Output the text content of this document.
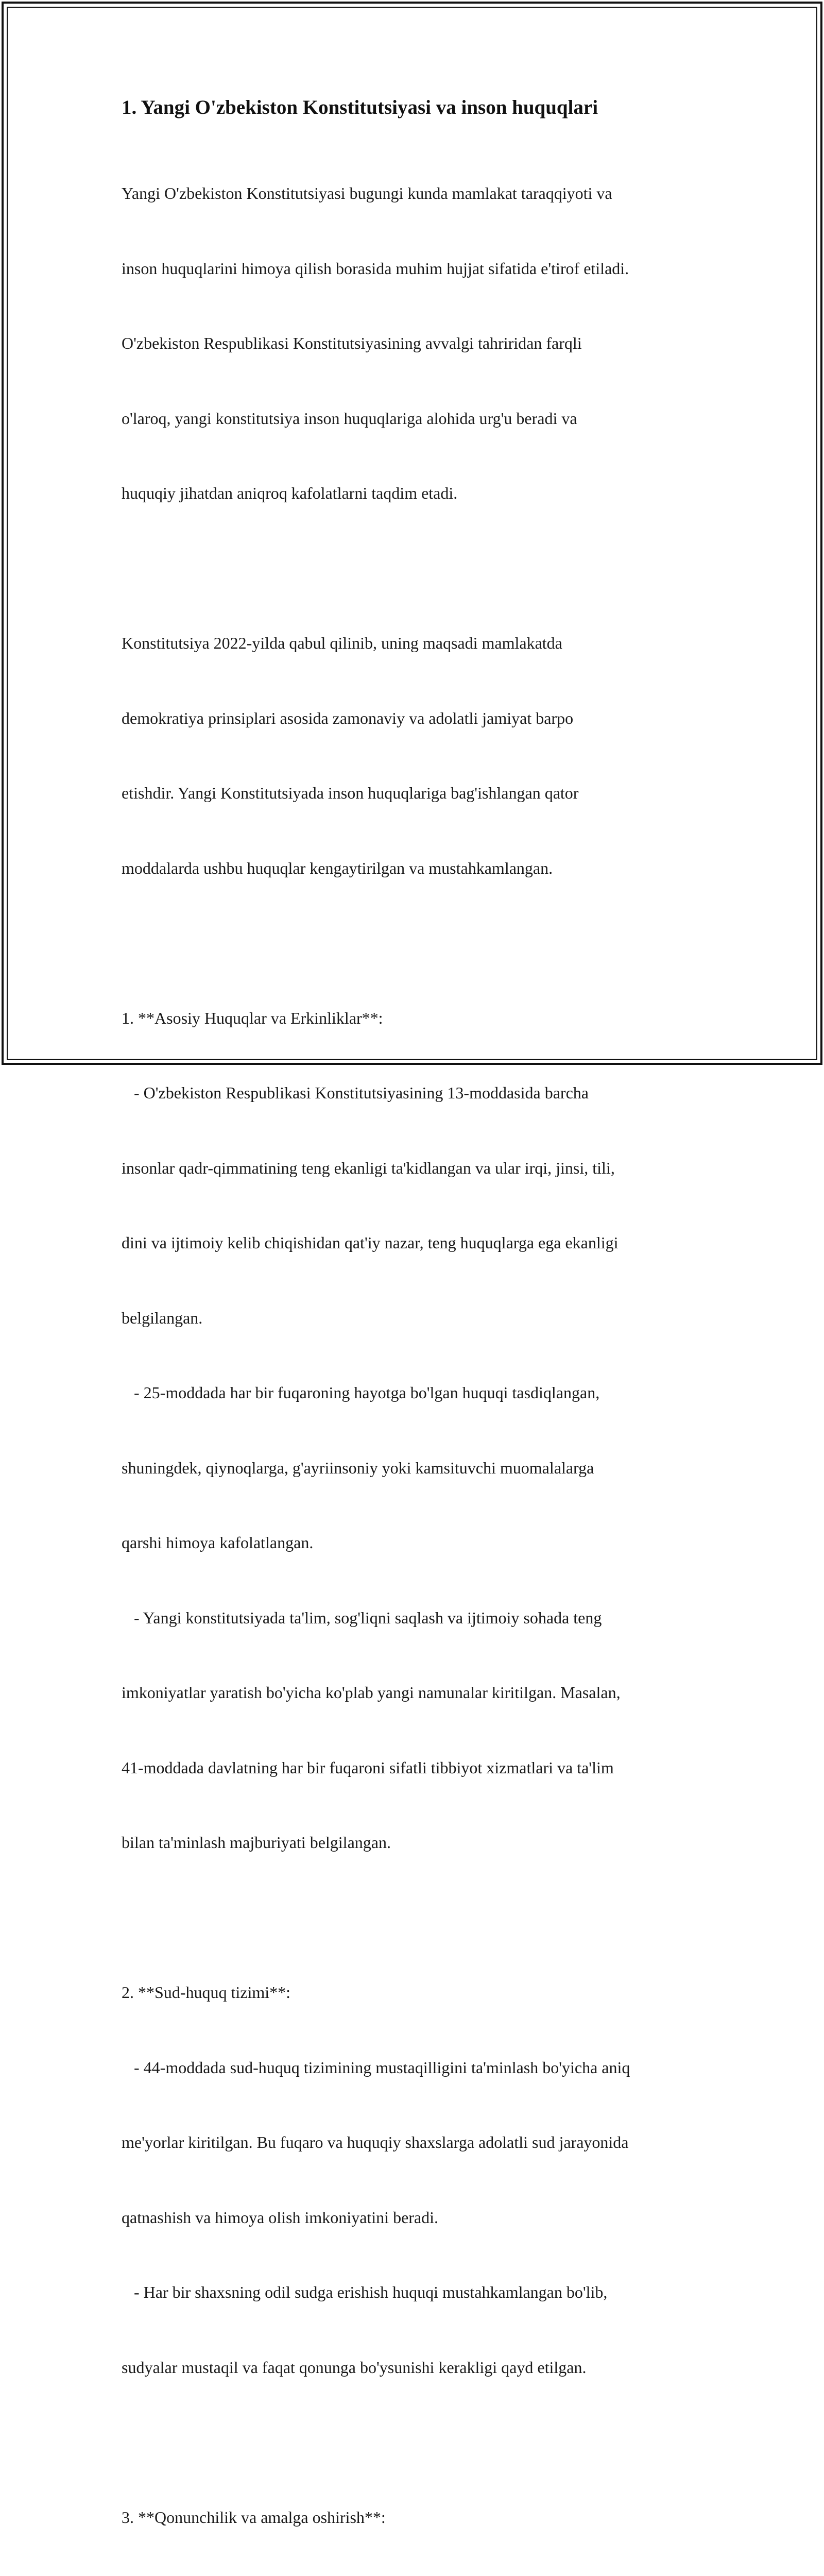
1. Yangi O'zbekiston Konstitutsiyasi va inson huquqlari

Yangi O'zbekiston Konstitutsiyasi bugungi kunda mamlakat taraqqiyoti va

inson huquqlarini himoya qilish borasida muhim hujjat sifatida e'tirof etiladi.

O'zbekiston Respublikasi Konstitutsiyasining avvalgi tahriridan farqli

o'laroq, yangi konstitutsiya inson huquqlariga alohida urg'u beradi va

huquqiy jihatdan aniqroq kafolatlarni taqdim etadi.

Konstitutsiya 2022-yilda qabul qilinib, uning maqsadi mamlakatda

demokratiya prinsiplari asosida zamonaviy va adolatli jamiyat barpo

etishdir. Yangi Konstitutsiyada inson huquqlariga bag'ishlangan qator

moddalarda ushbu huquqlar kengaytirilgan va mustahkamlangan.

1. **Asosiy Huquqlar va Erkinliklar**:

- O'zbekiston Respublikasi Konstitutsiyasining 13-moddasida barcha

insonlar qadr-qimmatining teng ekanligi ta'kidlangan va ular irqi, jinsi, tili,

dini va ijtimoiy kelib chiqishidan qat'iy nazar, teng huquqlarga ega ekanligi

belgilangan.

- 25-moddada har bir fuqaroning hayotga bo'lgan huquqi tasdiqlangan,

shuningdek, qiynoqlarga, g'ayriinsoniy yoki kamsituvchi muomalalarga

qarshi himoya kafolatlangan.

- Yangi konstitutsiyada ta'lim, sog'liqni saqlash va ijtimoiy sohada teng

imkoniyatlar yaratish bo'yicha ko'plab yangi namunalar kiritilgan. Masalan,

41-moddada davlatning har bir fuqaroni sifatli tibbiyot xizmatlari va ta'lim

bilan ta'minlash majburiyati belgilangan.

2. **Sud-huquq tizimi**:

- 44-moddada sud-huquq tizimining mustaqilligini ta'minlash bo'yicha aniq

me'yorlar kiritilgan. Bu fuqaro va huquqiy shaxslarga adolatli sud jarayonida

qatnashish va himoya olish imkoniyatini beradi.

- Har bir shaxsning odil sudga erishish huquqi mustahkamlangan bo'lib,

sudyalar mustaqil va faqat qonunga bo'ysunishi kerakligi qayd etilgan.

3. **Qonunchilik va amalga oshirish**:
